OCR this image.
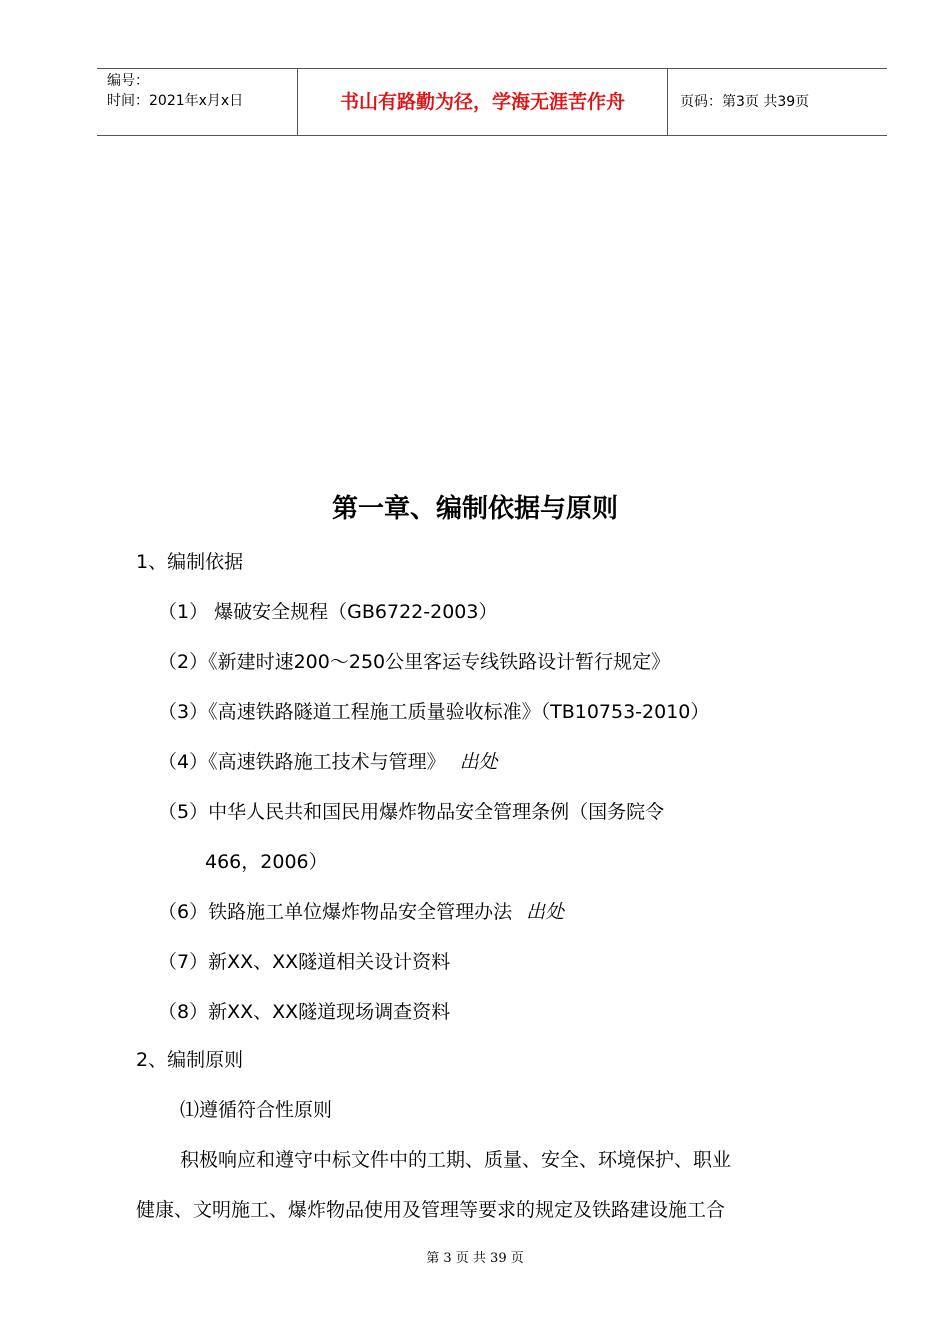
编号：
时间：2021年x月x日	书山有路勤为径，学海无涯苦作舟	页码：第3页 共39页
第一章、编制依据与原则
1、编制依据
（1） 爆破安全规程（GB6722-2003）
（2）《新建时速200～250公里客运专线铁路设计暂行规定》
（3）《高速铁路隧道工程施工质量验收标准》（TB10753-2010）
（4）《高速铁路施工技术与管理》 出处
（5）中华人民共和国民用爆炸物品安全管理条例（国务院令
466，2006）
（6）铁路施工单位爆炸物品安全管理办法 出处
（7）新XX、XX隧道相关设计资料
（8）新XX、XX隧道现场调查资料
2、编制原则
⑴遵循符合性原则
积极响应和遵守中标文件中的工期、质量、安全、环境保护、职业
健康、文明施工、爆炸物品使用及管理等要求的规定及铁路建设施工合
第 3 页 共 39 页
